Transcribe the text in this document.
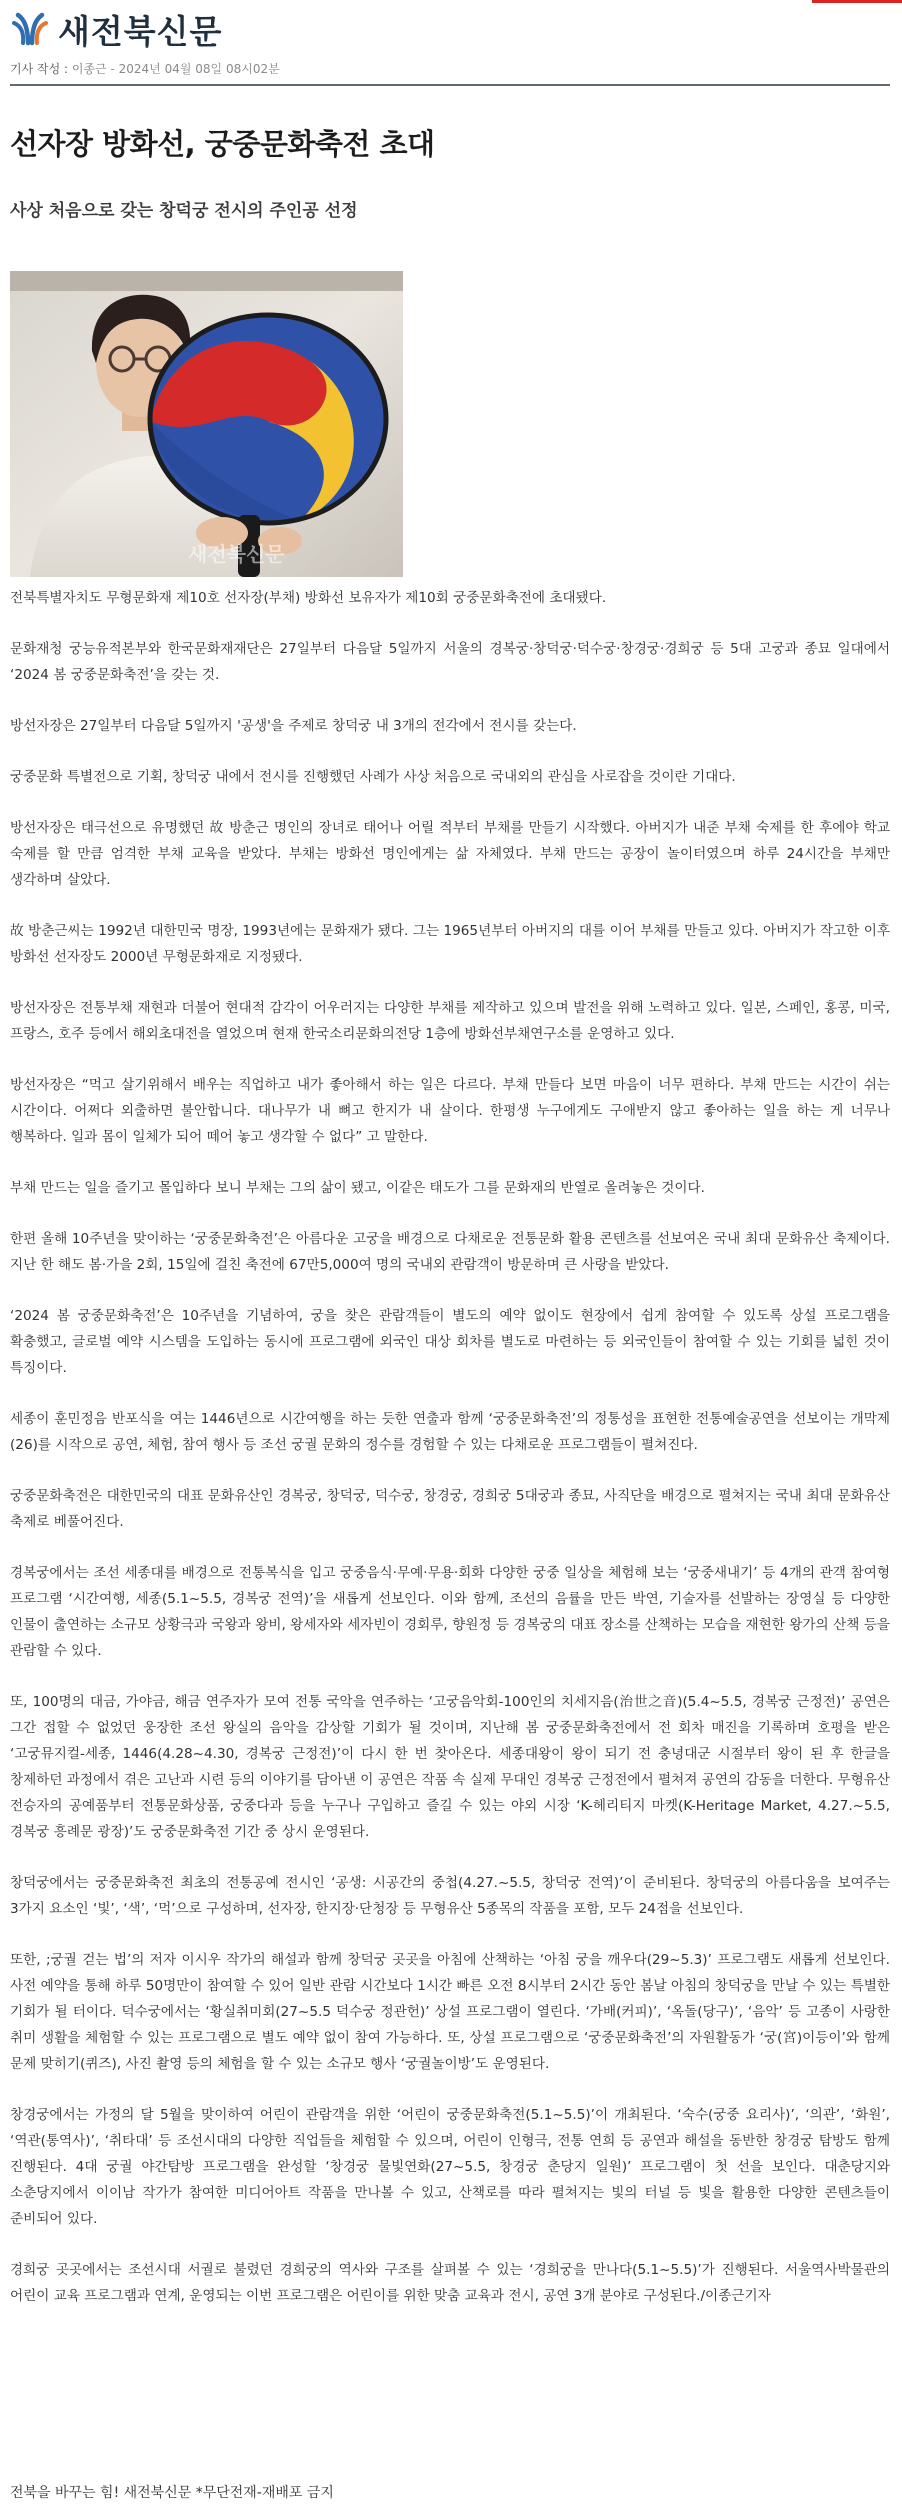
새전북신문
기사 작성 : 이종근 - 2024년 04월 08일 08시02분
선자장 방화선, 궁중문화축전 초대
사상 처음으로 갖는 창덕궁 전시의 주인공 선정
새전북신문

전북특별자치도 무형문화재 제10호 선자장(부채) 방화선 보유자가 제10회 궁중문화축전에 초대됐다.

문화재청 궁능유적본부와 한국문화재재단은 27일부터 다음달 5일까지 서울의 경복궁·창덕궁·덕수궁·창경궁·경희궁 등 5대 고궁과 종묘 일대에서 ‘2024 봄 궁중문화축전’을 갖는 것.

방선자장은 27일부터 다음달 5일까지 '공생'을 주제로 창덕궁 내 3개의 전각에서 전시를 갖는다.

궁중문화 특별전으로 기획, 창덕궁 내에서 전시를 진행했던 사례가 사상 처음으로 국내외의 관심을 사로잡을 것이란 기대다.

방선자장은 태극선으로 유명했던 故 방춘근 명인의 장녀로 태어나 어릴 적부터 부채를 만들기 시작했다. 아버지가 내준 부채 숙제를 한 후에야 학교 숙제를 할 만큼 엄격한 부채 교육을 받았다. 부채는 방화선 명인에게는 삶 자체였다. 부채 만드는 공장이 놀이터였으며 하루 24시간을 부채만 생각하며 살았다.

故 방춘근씨는 1992년 대한민국 명장, 1993년에는 문화재가 됐다. 그는 1965년부터 아버지의 대를 이어 부채를 만들고 있다. 아버지가 작고한 이후 방화선 선자장도 2000년 무형문화재로 지정됐다.

방선자장은 전통부채 재현과 더불어 현대적 감각이 어우러지는 다양한 부채를 제작하고 있으며 발전을 위해 노력하고 있다. 일본, 스페인, 홍콩, 미국, 프랑스, 호주 등에서 해외초대전을 열었으며 현재 한국소리문화의전당 1층에 방화선부채연구소를 운영하고 있다.

방선자장은 “먹고 살기위해서 배우는 직업하고 내가 좋아해서 하는 일은 다르다. 부채 만들다 보면 마음이 너무 편하다. 부채 만드는 시간이 쉬는 시간이다. 어쩌다 외출하면 불안합니다. 대나무가 내 뼈고 한지가 내 살이다. 한평생 누구에게도 구애받지 않고 좋아하는 일을 하는 게 너무나 행복하다. 일과 몸이 일체가 되어 떼어 놓고 생각할 수 없다” 고 말한다.

부채 만드는 일을 즐기고 몰입하다 보니 부채는 그의 삶이 됐고, 이같은 태도가 그를 문화재의 반열로 올려놓은 것이다.

한편 올해 10주년을 맞이하는 ‘궁중문화축전’은 아름다운 고궁을 배경으로 다채로운 전통문화 활용 콘텐츠를 선보여온 국내 최대 문화유산 축제이다. 지난 한 해도 봄·가을 2회, 15일에 걸친 축전에 67만5,000여 명의 국내외 관람객이 방문하며 큰 사랑을 받았다.

‘2024 봄 궁중문화축전’은 10주년을 기념하여, 궁을 찾은 관람객들이 별도의 예약 없이도 현장에서 쉽게 참여할 수 있도록 상설 프로그램을 확충했고, 글로벌 예약 시스템을 도입하는 동시에 프로그램에 외국인 대상 회차를 별도로 마련하는 등 외국인들이 참여할 수 있는 기회를 넓힌 것이 특징이다.

세종이 훈민정음 반포식을 여는 1446년으로 시간여행을 하는 듯한 연출과 함께 ‘궁중문화축전’의 정통성을 표현한 전통예술공연을 선보이는 개막제(26)를 시작으로 공연, 체험, 참여 행사 등 조선 궁궐 문화의 정수를 경험할 수 있는 다채로운 프로그램들이 펼쳐진다.

궁중문화축전은 대한민국의 대표 문화유산인 경복궁, 창덕궁, 덕수궁, 창경궁, 경희궁 5대궁과 종묘, 사직단을 배경으로 펼쳐지는 국내 최대 문화유산 축제로 베풀어진다.

경복궁에서는 조선 세종대를 배경으로 전통복식을 입고 궁중음식·무예·무용·회화 다양한 궁중 일상을 체험해 보는 ‘궁중새내기’ 등 4개의 관객 참여형 프로그램 ‘시간여행, 세종(5.1~5.5, 경복궁 전역)’을 새롭게 선보인다. 이와 함께, 조선의 음률을 만든 박연, 기술자를 선발하는 장영실 등 다양한 인물이 출연하는 소규모 상황극과 국왕과 왕비, 왕세자와 세자빈이 경회루, 향원정 등 경복궁의 대표 장소를 산책하는 모습을 재현한 왕가의 산책 등을 관람할 수 있다.

또, 100명의 대금, 가야금, 해금 연주자가 모여 전통 국악을 연주하는 ‘고궁음악회-100인의 치세지음(治世之音)(5.4~5.5, 경복궁 근정전)’ 공연은 그간 접할 수 없었던 웅장한 조선 왕실의 음악을 감상할 기회가 될 것이며, 지난해 봄 궁중문화축전에서 전 회차 매진을 기록하며 호평을 받은 ‘고궁뮤지컬-세종, 1446(4.28~4.30, 경복궁 근정전)’이 다시 한 번 찾아온다. 세종대왕이 왕이 되기 전 충녕대군 시절부터 왕이 된 후 한글을 창제하던 과정에서 겪은 고난과 시련 등의 이야기를 담아낸 이 공연은 작품 속 실제 무대인 경복궁 근정전에서 펼쳐져 공연의 감동을 더한다. 무형유산 전승자의 공예품부터 전통문화상품, 궁중다과 등을 누구나 구입하고 즐길 수 있는 야외 시장 ‘K-헤리티지 마켓(K-Heritage Market, 4.27.~5.5, 경복궁 흥례문 광장)’도 궁중문화축전 기간 중 상시 운영된다.

창덕궁에서는 궁중문화축전 최초의 전통공예 전시인 ‘공생: 시공간의 중첩(4.27.~5.5, 창덕궁 전역)’이 준비된다. 창덕궁의 아름다움을 보여주는 3가지 요소인 ‘빛’, ‘색’, ‘먹’으로 구성하며, 선자장, 한지장·단청장 등 무형유산 5종목의 작품을 포함, 모두 24점을 선보인다.

또한, ;궁궐 걷는 법’의 저자 이시우 작가의 해설과 함께 창덕궁 곳곳을 아침에 산책하는 ‘아침 궁을 깨우다(29~5.3)’ 프로그램도 새롭게 선보인다. 사전 예약을 통해 하루 50명만이 참여할 수 있어 일반 관람 시간보다 1시간 빠른 오전 8시부터 2시간 동안 봄날 아침의 창덕궁을 만날 수 있는 특별한 기회가 될 터이다. 덕수궁에서는 ‘황실취미회(27~5.5 덕수궁 정관헌)’ 상설 프로그램이 열린다. ‘가배(커피)’, ‘옥돌(당구)’, ‘음악’ 등 고종이 사랑한 취미 생활을 체험할 수 있는 프로그램으로 별도 예약 없이 참여 가능하다. 또, 상설 프로그램으로 ‘궁중문화축전’의 자원활동가 ‘궁(宮)이등이’와 함께 문제 맞히기(퀴즈), 사진 촬영 등의 체험을 할 수 있는 소규모 행사 ‘궁궐놀이방’도 운영된다.

창경궁에서는 가정의 달 5월을 맞이하여 어린이 관람객을 위한 ‘어린이 궁중문화축전(5.1~5.5)’이 개최된다. ‘숙수(궁중 요리사)’, ‘의관’, ‘화원’, ‘역관(통역사)’, ‘취타대’ 등 조선시대의 다양한 직업들을 체험할 수 있으며, 어린이 인형극, 전통 연희 등 공연과 해설을 동반한 창경궁 탐방도 함께 진행된다. 4대 궁궐 야간탐방 프로그램을 완성할 ‘창경궁 물빛연화(27~5.5, 창경궁 춘당지 일원)’ 프로그램이 첫 선을 보인다. 대춘당지와 소춘당지에서 이이남 작가가 참여한 미디어아트 작품을 만나볼 수 있고, 산책로를 따라 펼쳐지는 빛의 터널 등 빛을 활용한 다양한 콘텐츠들이 준비되어 있다.

경희궁 곳곳에서는 조선시대 서궐로 불렸던 경희궁의 역사와 구조를 살펴볼 수 있는 ‘경희궁을 만나다(5.1~5.5)’가 진행된다. 서울역사박물관의 어린이 교육 프로그램과 연계, 운영되는 이번 프로그램은 어린이를 위한 맞춤 교육과 전시, 공연 3개 분야로 구성된다./이종근기자

전북을 바꾸는 힘! 새전북신문 *무단전재-재배포 금지
